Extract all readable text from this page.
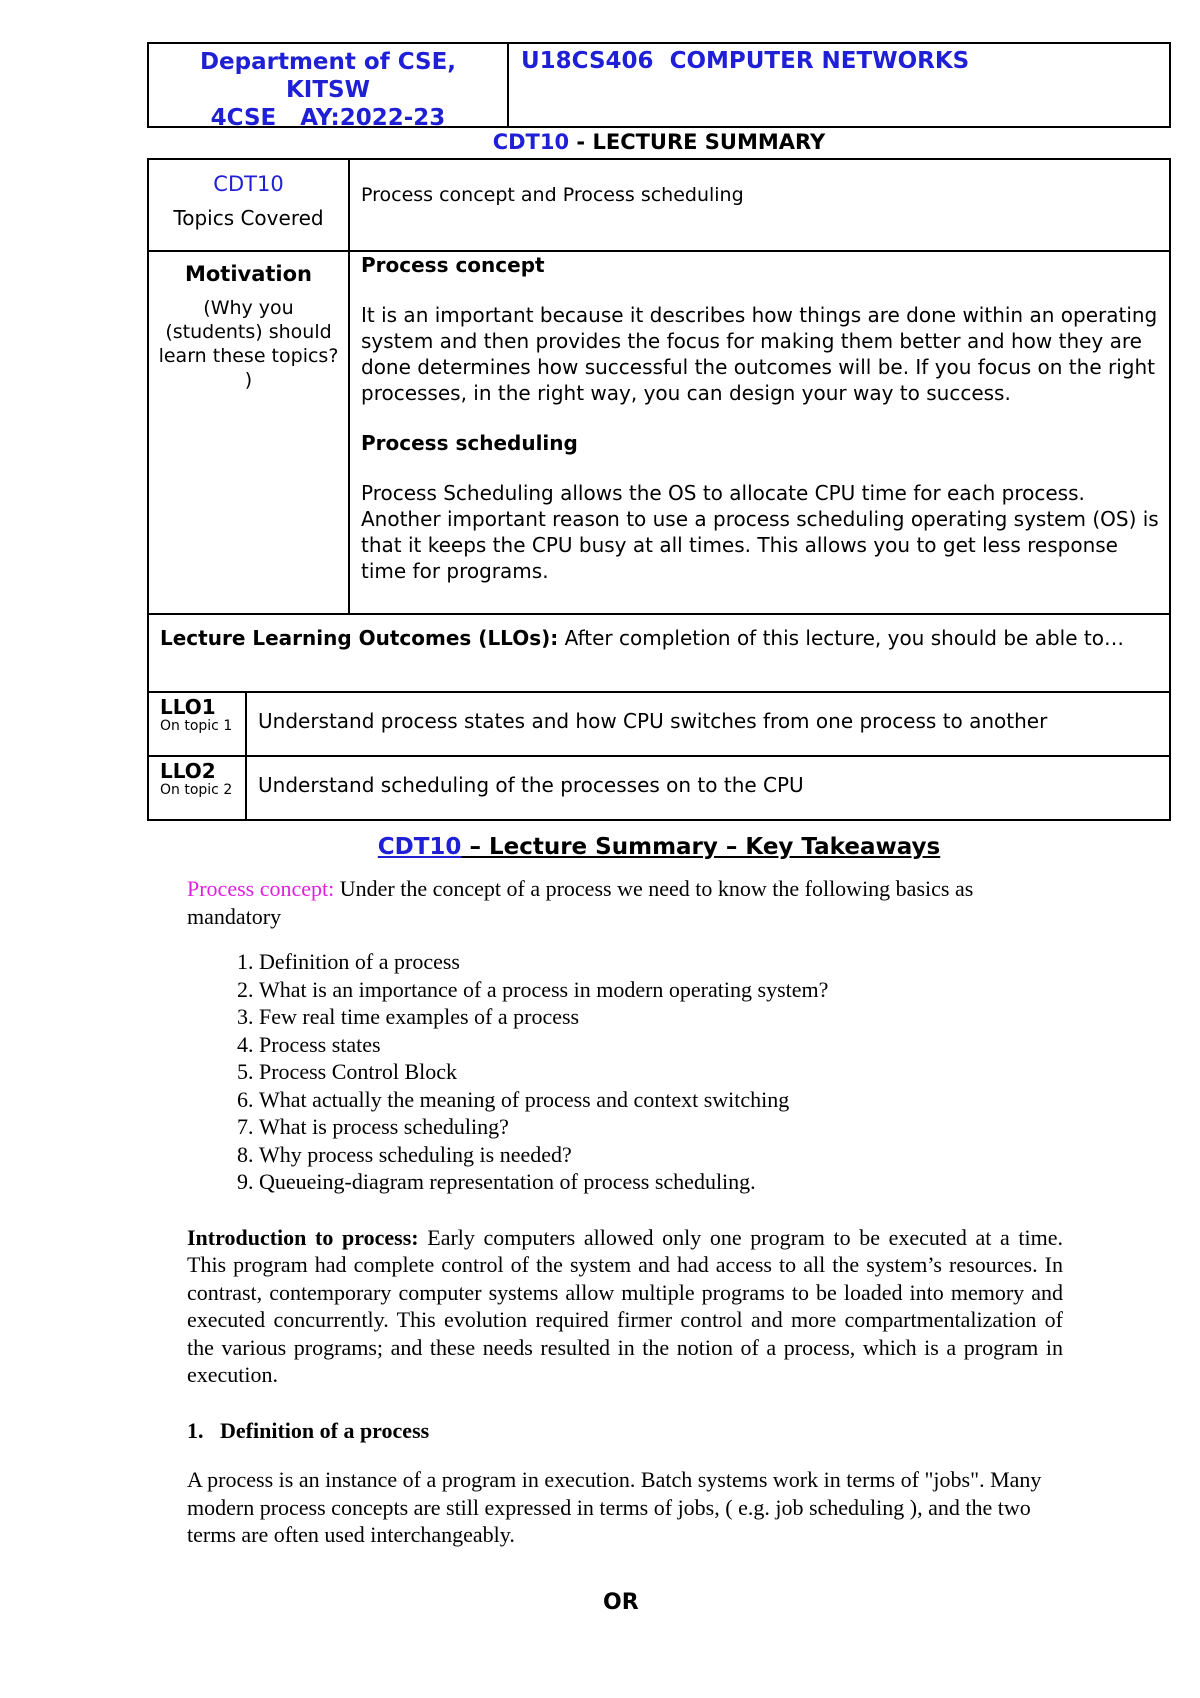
Department of CSE,
KITSW
4CSE   AY:2022-23
U18CS406  COMPUTER NETWORKS
CDT10 - LECTURE SUMMARY
CDT10
Topics Covered
Process concept and Process scheduling
Motivation
(Why you (students) should learn these topics? )

Process concept

It is an important because it describes how things are done within an operating system and then provides the focus for making them better and how they are done determines how successful the outcomes will be. If you focus on the right processes, in the right way, you can design your way to success.

Process scheduling

Process Scheduling allows the OS to allocate CPU time for each process. Another important reason to use a process scheduling operating system (OS) is that it keeps the CPU busy at all times. This allows you to get less response time for programs.

Lecture Learning Outcomes (LLOs): After completion of this lecture, you should be able to…
LLO1
On topic 1	Understand process states and how CPU switches from one process to another
LLO2
On topic 2	Understand scheduling of the processes on to the CPU
CDT10 – Lecture Summary – Key Takeaways

Process concept: Under the concept of a process we need to know the following basics as mandatory

1. Definition of a process
2. What is an importance of a process in modern operating system?
3. Few real time examples of a process
4. Process states
5. Process Control Block
6. What actually the meaning of process and context switching
7. What is process scheduling?
8. Why process scheduling is needed?
9. Queueing-diagram representation of process scheduling.

Introduction to process: Early computers allowed only one program to be executed at a time. This program had complete control of the system and had access to all the system’s resources. In contrast, contemporary computer systems allow multiple programs to be loaded into memory and executed concurrently. This evolution required firmer control and more compartmentalization of the various programs; and these needs resulted in the notion of a process, which is a program in execution.

1.   Definition of a process

A process is an instance of a program in execution. Batch systems work in terms of "jobs". Many modern process concepts are still expressed in terms of jobs, ( e.g. job scheduling ), and the two terms are often used interchangeably.

OR
